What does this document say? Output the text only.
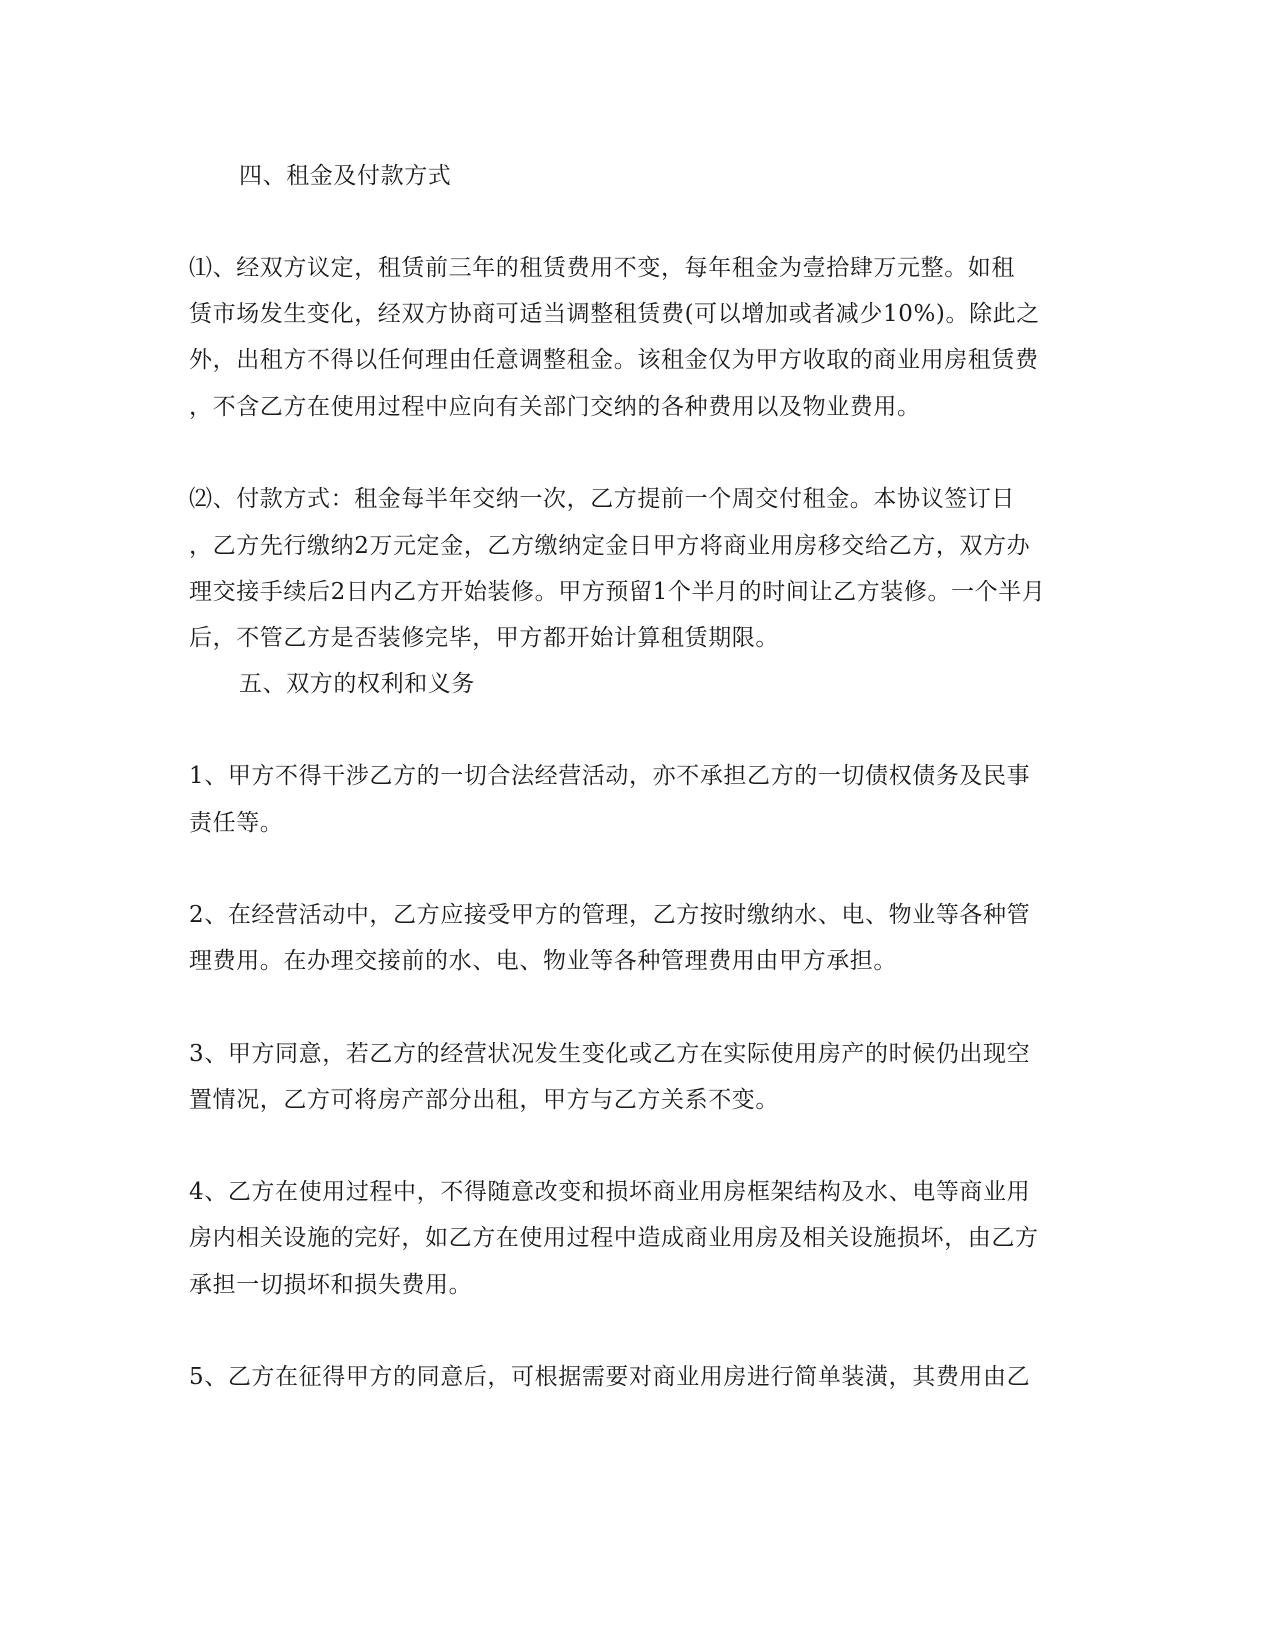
四、租金及付款方式
⑴、经双方议定，租赁前三年的租赁费用不变，每年租金为壹拾肆万元整。如租
赁市场发生变化，经双方协商可适当调整租赁费(可以增加或者减少10%)。除此之
外，出租方不得以任何理由任意调整租金。该租金仅为甲方收取的商业用房租赁费
，不含乙方在使用过程中应向有关部门交纳的各种费用以及物业费用。
⑵、付款方式：租金每半年交纳一次，乙方提前一个周交付租金。本协议签订日
，乙方先行缴纳2万元定金，乙方缴纳定金日甲方将商业用房移交给乙方，双方办
理交接手续后2日内乙方开始装修。甲方预留1个半月的时间让乙方装修。一个半月
后，不管乙方是否装修完毕，甲方都开始计算租赁期限。
五、双方的权利和义务
1、甲方不得干涉乙方的一切合法经营活动，亦不承担乙方的一切债权债务及民事
责任等。
2、在经营活动中，乙方应接受甲方的管理，乙方按时缴纳水、电、物业等各种管
理费用。在办理交接前的水、电、物业等各种管理费用由甲方承担。
3、甲方同意，若乙方的经营状况发生变化或乙方在实际使用房产的时候仍出现空
置情况，乙方可将房产部分出租，甲方与乙方关系不变。
4、乙方在使用过程中，不得随意改变和损坏商业用房框架结构及水、电等商业用
房内相关设施的完好，如乙方在使用过程中造成商业用房及相关设施损坏，由乙方
承担一切损坏和损失费用。
5、乙方在征得甲方的同意后，可根据需要对商业用房进行简单装潢，其费用由乙
